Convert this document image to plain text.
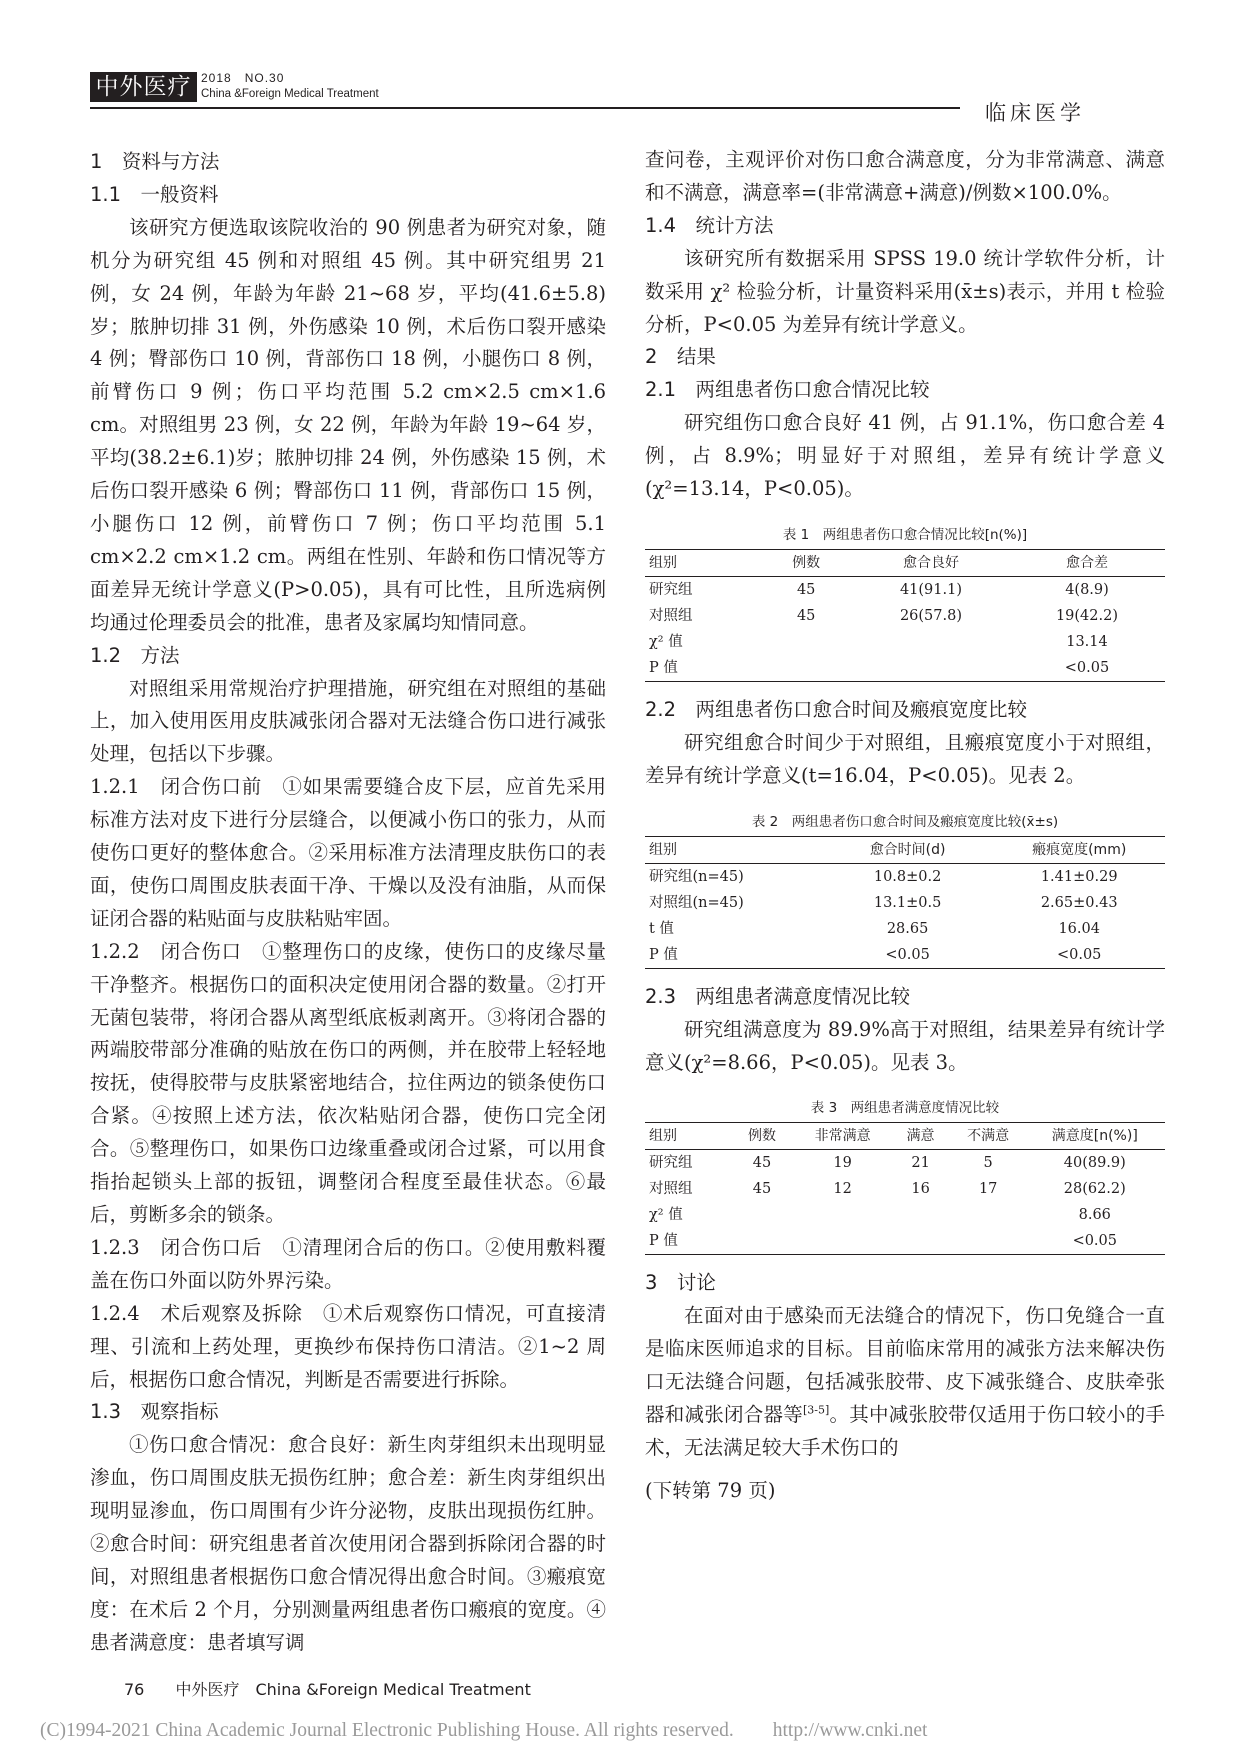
中外医疗 2018　NO.30
China &Foreign Medical Treatment
临床医学

1　资料与方法

1.1　一般资料

该研究方便选取该院收治的 90 例患者为研究对象，随机分为研究组 45 例和对照组 45 例。其中研究组男 21 例，女 24 例，年龄为年龄 21~68 岁，平均(41.6±5.8)岁；脓肿切排 31 例，外伤感染 10 例，术后伤口裂开感染 4 例；臀部伤口 10 例，背部伤口 18 例，小腿伤口 8 例，前臂伤口 9 例；伤口平均范围 5.2 cm×2.5 cm×1.6 cm。对照组男 23 例，女 22 例，年龄为年龄 19~64 岁，平均(38.2±6.1)岁；脓肿切排 24 例，外伤感染 15 例，术后伤口裂开感染 6 例；臀部伤口 11 例，背部伤口 15 例，小腿伤口 12 例，前臂伤口 7 例；伤口平均范围 5.1 cm×2.2 cm×1.2 cm。两组在性别、年龄和伤口情况等方面差异无统计学意义(P>0.05)，具有可比性，且所选病例均通过伦理委员会的批准，患者及家属均知情同意。

1.2　方法

对照组采用常规治疗护理措施，研究组在对照组的基础上，加入使用医用皮肤减张闭合器对无法缝合伤口进行减张处理，包括以下步骤。

1.2.1　闭合伤口前　①如果需要缝合皮下层，应首先采用标准方法对皮下进行分层缝合，以便减小伤口的张力，从而使伤口更好的整体愈合。②采用标准方法清理皮肤伤口的表面，使伤口周围皮肤表面干净、干燥以及没有油脂，从而保证闭合器的粘贴面与皮肤粘贴牢固。

1.2.2　闭合伤口　①整理伤口的皮缘，使伤口的皮缘尽量干净整齐。根据伤口的面积决定使用闭合器的数量。②打开无菌包装带，将闭合器从离型纸底板剥离开。③将闭合器的两端胶带部分准确的贴放在伤口的两侧，并在胶带上轻轻地按抚，使得胶带与皮肤紧密地结合，拉住两边的锁条使伤口合紧。④按照上述方法，依次粘贴闭合器，使伤口完全闭合。⑤整理伤口，如果伤口边缘重叠或闭合过紧，可以用食指抬起锁头上部的扳钮，调整闭合程度至最佳状态。⑥最后，剪断多余的锁条。

1.2.3　闭合伤口后　①清理闭合后的伤口。②使用敷料覆盖在伤口外面以防外界污染。

1.2.4　术后观察及拆除　①术后观察伤口情况，可直接清理、引流和上药处理，更换纱布保持伤口清洁。②1~2 周后，根据伤口愈合情况，判断是否需要进行拆除。

1.3　观察指标

①伤口愈合情况：愈合良好：新生肉芽组织未出现明显渗血，伤口周围皮肤无损伤红肿；愈合差：新生肉芽组织出现明显渗血，伤口周围有少许分泌物，皮肤出现损伤红肿。②愈合时间：研究组患者首次使用闭合器到拆除闭合器的时间，对照组患者根据伤口愈合情况得出愈合时间。③瘢痕宽度：在术后 2 个月，分别测量两组患者伤口瘢痕的宽度。④患者满意度：患者填写调

查问卷，主观评价对伤口愈合满意度，分为非常满意、满意和不满意，满意率=(非常满意+满意)/例数×100.0%。

1.4　统计方法

该研究所有数据采用 SPSS 19.0 统计学软件分析，计数采用 χ² 检验分析，计量资料采用(x̄±s)表示，并用 t 检验分析，P<0.05 为差异有统计学意义。

2　结果

2.1　两组患者伤口愈合情况比较

研究组伤口愈合良好 41 例，占 91.1%，伤口愈合差 4 例，占 8.9%；明显好于对照组，差异有统计学意义(χ²=13.14，P<0.05)。

表 1　两组患者伤口愈合情况比较[n(%)]
组别	例数	愈合良好	愈合差
研究组	45	41(91.1)	4(8.9)
对照组	45	26(57.8)	19(42.2)
χ² 值			13.14
P 值			<0.05

2.2　两组患者伤口愈合时间及瘢痕宽度比较

研究组愈合时间少于对照组，且瘢痕宽度小于对照组，差异有统计学意义(t=16.04，P<0.05)。见表 2。

表 2　两组患者伤口愈合时间及瘢痕宽度比较(x̄±s)
组别	愈合时间(d)	瘢痕宽度(mm)
研究组(n=45)	10.8±0.2	1.41±0.29
对照组(n=45)	13.1±0.5	2.65±0.43
t 值	28.65	16.04
P 值	<0.05	<0.05

2.3　两组患者满意度情况比较

研究组满意度为 89.9%高于对照组，结果差异有统计学意义(χ²=8.66，P<0.05)。见表 3。

表 3　两组患者满意度情况比较
组别	例数	非常满意	满意	不满意	满意度[n(%)]
研究组	45	19	21	5	40(89.9)
对照组	45	12	16	17	28(62.2)
χ² 值					8.66
P 值					<0.05

3　讨论

在面对由于感染而无法缝合的情况下，伤口免缝合一直是临床医师追求的目标。目前临床常用的减张方法来解决伤口无法缝合问题，包括减张胶带、皮下减张缝合、皮肤牵张器和减张闭合器等[3-5]。其中减张胶带仅适用于伤口较小的手术，无法满足较大手术伤口的

(下转第 79 页)

76 中外医疗　China &Foreign Medical Treatment
(C)1994-2021 China Academic Journal Electronic Publishing House. All rights reserved.　　http://www.cnki.net
